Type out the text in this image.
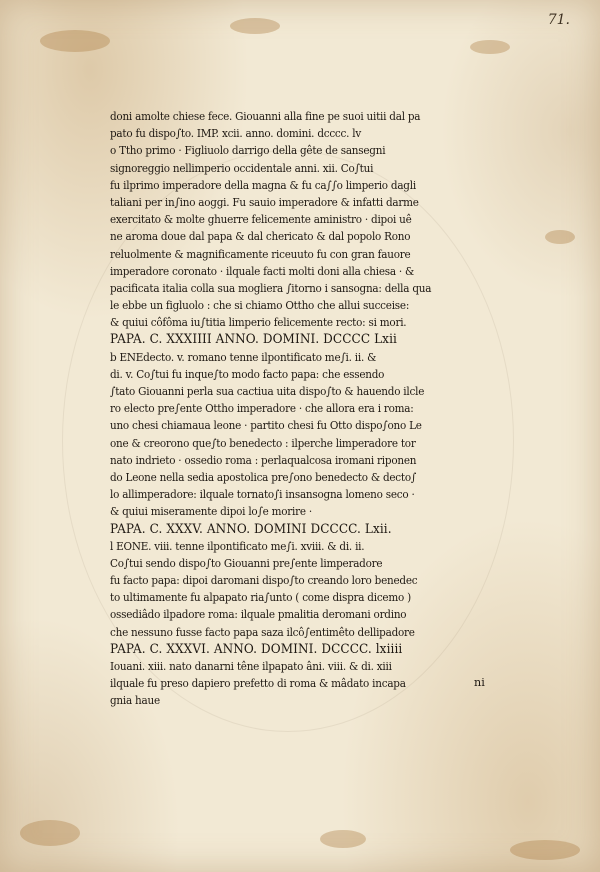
71.
doni amolte chiese fece. Giouanni alla fine pe suoi uitii dal pa
pato fu dispo∫to. IMP. xcii. anno. domini. dcccc. lv
o Ttho primo · Figliuolo darrigo della gête de sansegni
signoreggio nellimperio occidentale anni. xii. Co∫tui
fu ilprimo imperadore della magna & fu ca∫∫o limperio dagli
taliani per in∫ino aoggi. Fu sauio imperadore & infatti darme
exercitato & molte ghuerre felicemente aministro · dipoi uê
ne aroma doue dal papa & dal chericato & dal popolo Rono
reluolmente & magnificamente riceuuto fu con gran fauore
imperadore coronato · ilquale facti molti doni alla chiesa · &
pacificata italia colla sua mogliera ∫itorno i sansogna: della qua
le ebbe un figluolo : che si chiamo Ottho che allui succeise:
& quiui côfôma iu∫titia limperio felicemente recto: si mori.
PAPA. C. XXXIIII ANNO. DOMINI. DCCCC Lxii
b ENEdecto. v. romano tenne ilpontificato me∫i. ii. &
di. v. Co∫tui fu inque∫to modo facto papa: che essendo
∫tato Giouanni perla sua cactiua uita dispo∫to & hauendo ilcle
ro electo pre∫ente Ottho imperadore · che allora era i roma:
uno chesi chiamaua leone · partito chesi fu Otto dispo∫ono Le
one & creorono que∫to benedecto : ilperche limperadore tor
nato indrieto · ossedio roma : perlaqualcosa iromani riponen
do Leone nella sedia apostolica pre∫ono benedecto & decto∫
lo allimperadore: ilquale tornato∫i insansogna lomeno seco ·
& quiui miseramente dipoi lo∫e morire ·
PAPA. C. XXXV. ANNO. DOMINI DCCCC. Lxii.
l EONE. viii. tenne ilpontificato me∫i. xviii. & di. ii.
Co∫tui sendo dispo∫to Giouanni pre∫ente limperadore
fu facto papa: dipoi daromani dispo∫to creando loro benedec
to ultimamente fu alpapato ria∫unto ( come dispra dicemo )
ossediâdo ilpadore roma: ilquale pmalitia deromani ordino
che nessuno fusse facto papa saza ilcô∫entimêto dellipadore
PAPA. C. XXXVI. ANNO. DOMINI. DCCCC. lxiiii
Iouani. xiii. nato danarni têne ilpapato âni. viii. & di. xiii
ilquale fu preso dapiero prefetto di roma & mâdato incapa
gnia haue
ni
